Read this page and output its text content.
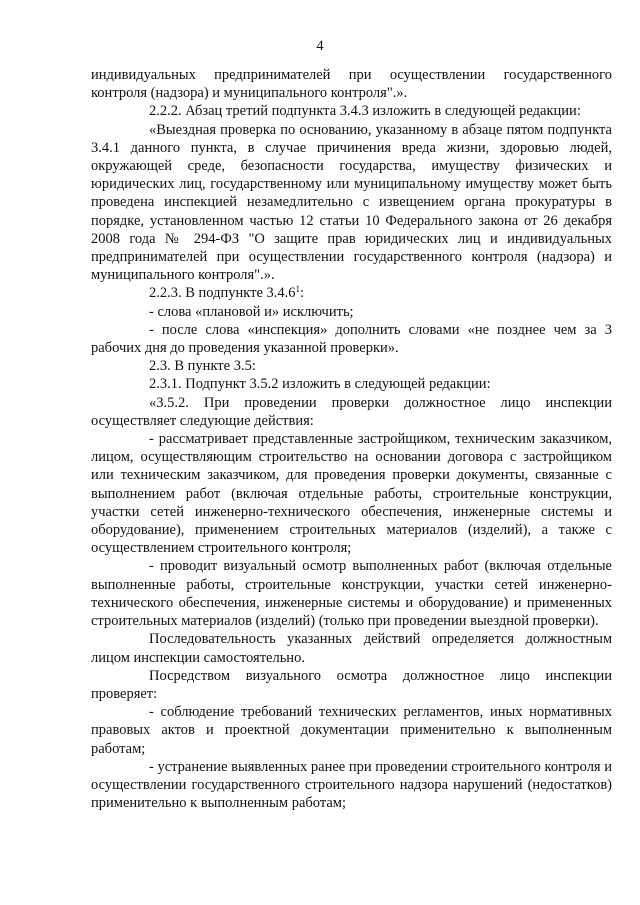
4

индивидуальных предпринимателей при осуществлении государственного контроля (надзора) и муниципального контроля".».

2.2.2. Абзац третий подпункта 3.4.3 изложить в следующей редакции:

«Выездная проверка по основанию, указанному в абзаце пятом подпункта 3.4.1 данного пункта, в случае причинения вреда жизни, здоровью людей, окружающей среде, безопасности государства, имуществу физических и юридических лиц, государственному или муниципальному имуществу может быть проведена инспекцией незамедлительно с извещением органа прокуратуры в порядке, установленном частью 12 статьи 10 Федерального закона от 26 декабря 2008 года № 294-ФЗ "О защите прав юридических лиц и индивидуальных предпринимателей при осуществлении государственного контроля (надзора) и муниципального контроля".».

2.2.3. В подпункте 3.4.6$^1$:

- слова «плановой и» исключить;

- после слова «инспекция» дополнить словами «не позднее чем за 3 рабочих дня до проведения указанной проверки».

2.3. В пункте 3.5:

2.3.1. Подпункт 3.5.2 изложить в следующей редакции:

«3.5.2. При проведении проверки должностное лицо инспекции осуществляет следующие действия:

- рассматривает представленные застройщиком, техническим заказчиком, лицом, осуществляющим строительство на основании договора с застройщиком или техническим заказчиком, для проведения проверки документы, связанные с выполнением работ (включая отдельные работы, строительные конструкции, участки сетей инженерно-технического обеспечения, инженерные системы и оборудование), применением строительных материалов (изделий), а также с осуществлением строительного контроля;

- проводит визуальный осмотр выполненных работ (включая отдельные выполненные работы, строительные конструкции, участки сетей инженерно-технического обеспечения, инженерные системы и оборудование) и примененных строительных материалов (изделий) (только при проведении выездной проверки).

Последовательность указанных действий определяется должностным лицом инспекции самостоятельно.

Посредством визуального осмотра должностное лицо инспекции проверяет:

- соблюдение требований технических регламентов, иных нормативных правовых актов и проектной документации применительно к выполненным работам;

- устранение выявленных ранее при проведении строительного контроля и осуществлении государственного строительного надзора нарушений (недостатков) применительно к выполненным работам;
